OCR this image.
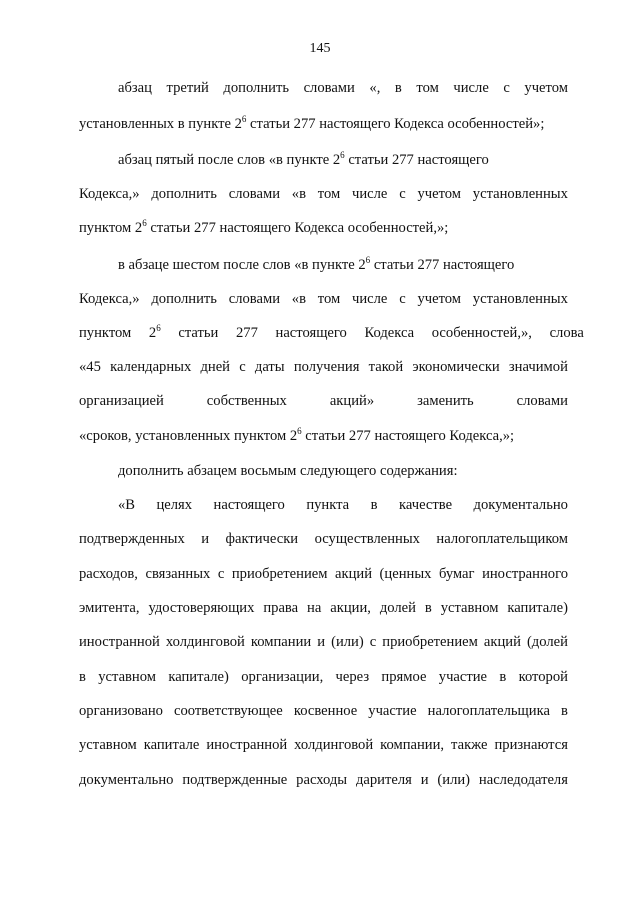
145
абзац третий дополнить словами «, в том числе с учетом
установленных в пункте $2^6$ статьи 277 настоящего Кодекса особенностей»;
абзац пятый после слов «в пункте $2^6$ статьи 277 настоящего
Кодекса,» дополнить словами «в том числе с учетом установленных
пунктом $2^6$ статьи 277 настоящего Кодекса особенностей,»;
в абзаце шестом после слов «в пункте $2^6$ статьи 277 настоящего
Кодекса,» дополнить словами «в том числе с учетом установленных
пунктом $2^6$ статьи 277 настоящего Кодекса особенностей,», слова
«45 календарных дней с даты получения такой экономически значимой
организацией	собственных	акций»	заменить	словами
«сроков, установленных пунктом $2^6$ статьи 277 настоящего Кодекса,»;
дополнить абзацем восьмым следующего содержания:
«В целях настоящего пункта в качестве документально
подтвержденных и фактически осуществленных налогоплательщиком
расходов, связанных с приобретением акций (ценных бумаг иностранного
эмитента, удостоверяющих права на акции, долей в уставном капитале)
иностранной холдинговой компании и (или) с приобретением акций (долей
в уставном капитале) организации, через прямое участие в которой
организовано соответствующее косвенное участие налогоплательщика в
уставном капитале иностранной холдинговой компании, также признаются
документально подтвержденные расходы дарителя и (или) наследодателя
